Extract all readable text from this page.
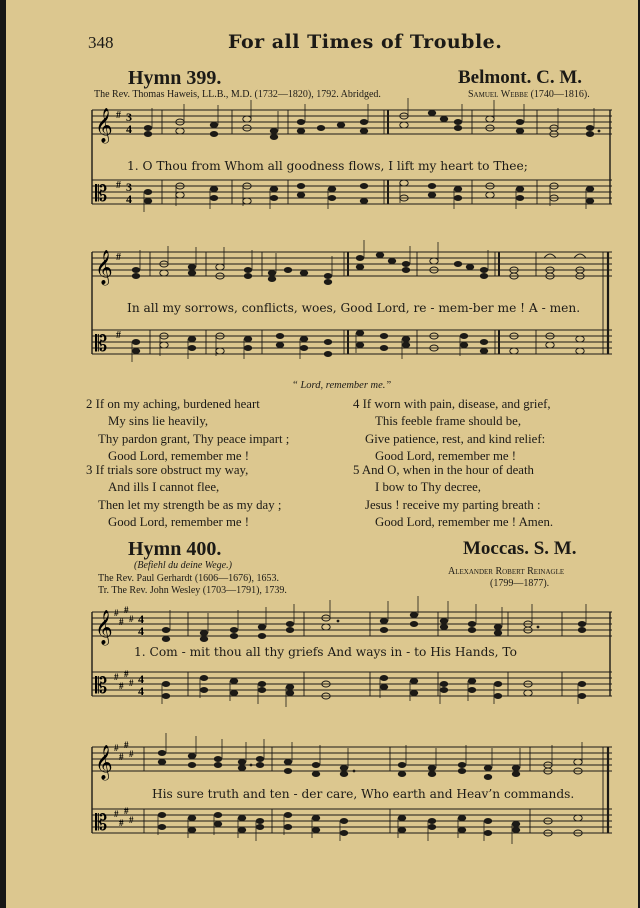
348	For all Times of Trouble.
Hymn 399.	Belmont. C. M.
The Rev. Thomas Haweis, LL.B., M.D. (1732—1820), 1792. Abridged.	Samuel Webbe (1740—1816).
𝄞
𝄡
#
#
3
4
3
4
1. O Thou from Whom all goodness flows, I lift my heart to Thee;
𝄞
𝄡
#
#
In all my sorrows, conflicts, woes, Good Lord, re - mem-ber me ! A - men.
“ Lord, remember me.”
2 If on my aching, burdened heart
My sins lie heavily,
Thy pardon grant, Thy peace impart ;
Good Lord, remember me !
3 If trials sore obstruct my way,
And ills I cannot flee,
Then let my strength be as my day ;
Good Lord, remember me !
4 If worn with pain, disease, and grief,
This feeble frame should be,
Give patience, rest, and kind relief:
Good Lord, remember me !
5 And O, when in the hour of death
I bow to Thy decree,
Jesus ! receive my parting breath :
Good Lord, remember me ! Amen.
Hymn 400.	Moccas. S. M.
(Befiehl du deine Wege.)
The Rev. Paul Gerhardt (1606—1676), 1653.
Tr. The Rev. John Wesley (1703—1791), 1739.
Alexander Robert Reinagle
(1799—1877).
𝄞
𝄡
#
#
#
#
#
#
#
#
4
4
4
4
1. Com - mit thou all thy griefs And ways in - to His Hands, To
𝄞
𝄡
#
#
#
#
#
#
#
#
His sure truth and ten - der care, Who earth and Heav’n commands.
